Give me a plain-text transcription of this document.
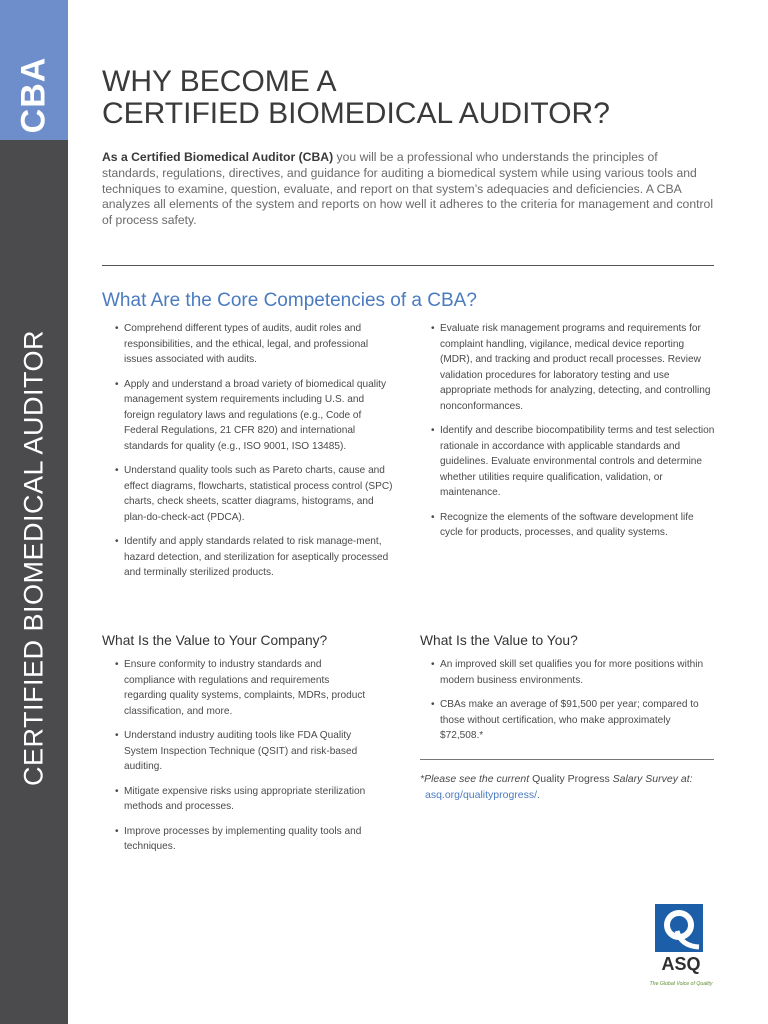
CBA
CERTIFIED BIOMEDICAL AUDITOR
WHY BECOME A
CERTIFIED BIOMEDICAL AUDITOR?

As a Certified Biomedical Auditor (CBA) you will be a professional who understands the principles of standards, regulations, directives, and guidance for auditing a biomedical system while using various tools and techniques to examine, question, evaluate, and report on that system’s adequacies and deficiencies. A CBA analyzes all elements of the system and reports on how well it adheres to the criteria for management and control of process safety.

What Are the Core Competencies of a CBA?
• Comprehend different types of audits, audit roles and responsibilities, and the ethical, legal, and professional issues associated with audits.
• Apply and understand a broad variety of biomedical quality management system requirements including U.S. and foreign regulatory laws and regulations (e.g., Code of Federal Regulations, 21 CFR 820) and international standards for quality (e.g., ISO 9001, ISO 13485).
• Understand quality tools such as Pareto charts, cause and effect diagrams, flowcharts, statistical process control (SPC) charts, check sheets, scatter diagrams, histograms, and plan-do-check-act (PDCA).
• Identify and apply standards related to risk manage-ment, hazard detection, and sterilization for aseptically processed and terminally sterilized products.
• Evaluate risk management programs and requirements for complaint handling, vigilance, medical device reporting (MDR), and tracking and product recall processes. Review validation procedures for laboratory testing and use appropriate methods for analyzing, detecting, and controlling nonconformances.
• Identify and describe biocompatibility terms and test selection rationale in accordance with applicable standards and guidelines. Evaluate environmental controls and determine whether utilities require qualification, validation, or maintenance.
• Recognize the elements of the software development life cycle for products, processes, and quality systems.
What Is the Value to Your Company?
• Ensure conformity to industry standards and compliance with regulations and requirements regarding quality systems, complaints, MDRs, product classification, and more.
• Understand industry auditing tools like FDA Quality System Inspection Technique (QSIT) and risk-based auditing.
• Mitigate expensive risks using appropriate sterilization methods and processes.
• Improve processes by implementing quality tools and techniques.
What Is the Value to You?
• An improved skill set qualifies you for more positions within modern business environments.
• CBAs make an average of $91,500 per year; compared to those without certification, who make approximately $72,508.*

*Please see the current Quality Progress Salary Survey at:
asq.org/qualityprogress/.

ASQ

The Global Voice of Quality
